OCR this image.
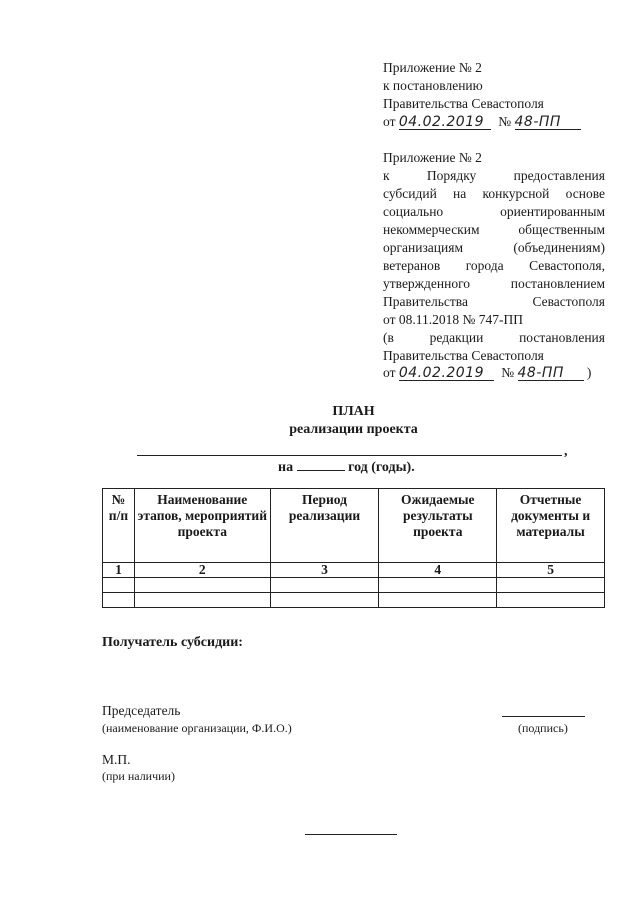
Приложение № 2
к постановлению
Правительства Севастополя
от 04.02.2019 № 48-ПП
Приложение № 2
к Порядку предоставления
субсидий на конкурсной основе
социально ориентированным
некоммерческим общественным
организациям (объединениям)
ветеранов города Севастополя,
утвержденного постановлением
Правительства Севастополя
от 08.11.2018 № 747-ПП
(в редакции постановления
Правительства Севастополя
от 04.02.2019 № 48-ПП )
ПЛАН
реализации проекта
,
на	год (годы).
№ п/п	Наименование этапов, мероприятий проекта	Период реализации	Ожидаемые результаты проекта	Отчетные документы и материалы
1	2	3	4	5

Получатель субсидии:
Председатель
(наименование организации, Ф.И.О.)	(подпись)
М.П.
(при наличии)
